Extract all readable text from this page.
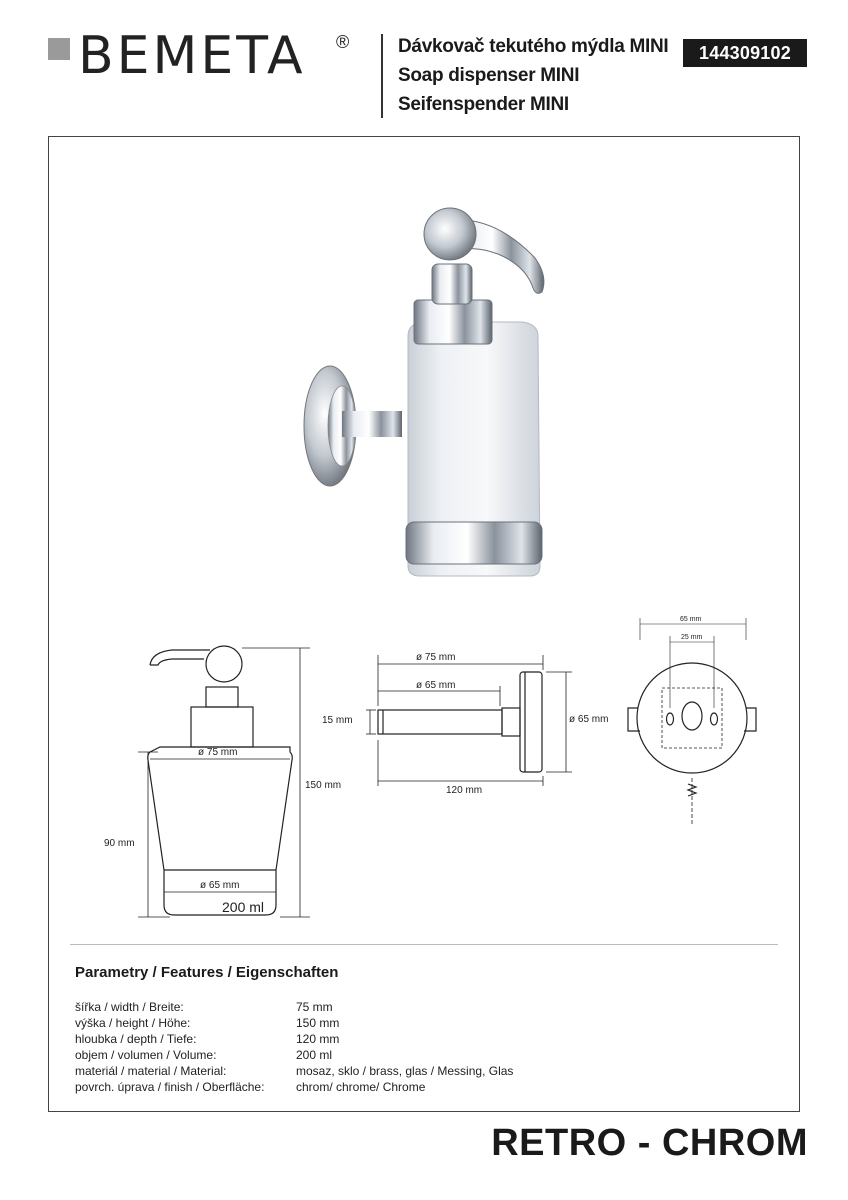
BEMETA ®	Dávkovač tekutého mýdla MINI
Soap dispenser MINI
Seifenspender MINI
144309102
150 mm
90 mm
ø 75 mm
ø 65 mm
200 ml
ø 75 mm
ø 65 mm
15 mm	ø 65 mm
120 mm
65 mm
25 mm
Parametry / Features / Eigenschaften
šířka / width / Breite:	75 mm
výška / height / Höhe:	150 mm
hloubka / depth / Tiefe:	120 mm
objem / volumen / Volume:	200 ml
materiál / material / Material:	mosaz, sklo / brass, glas / Messing, Glas
povrch. úprava / finish / Oberfläche:	chrom/ chrome/ Chrome
RETRO - CHROM
